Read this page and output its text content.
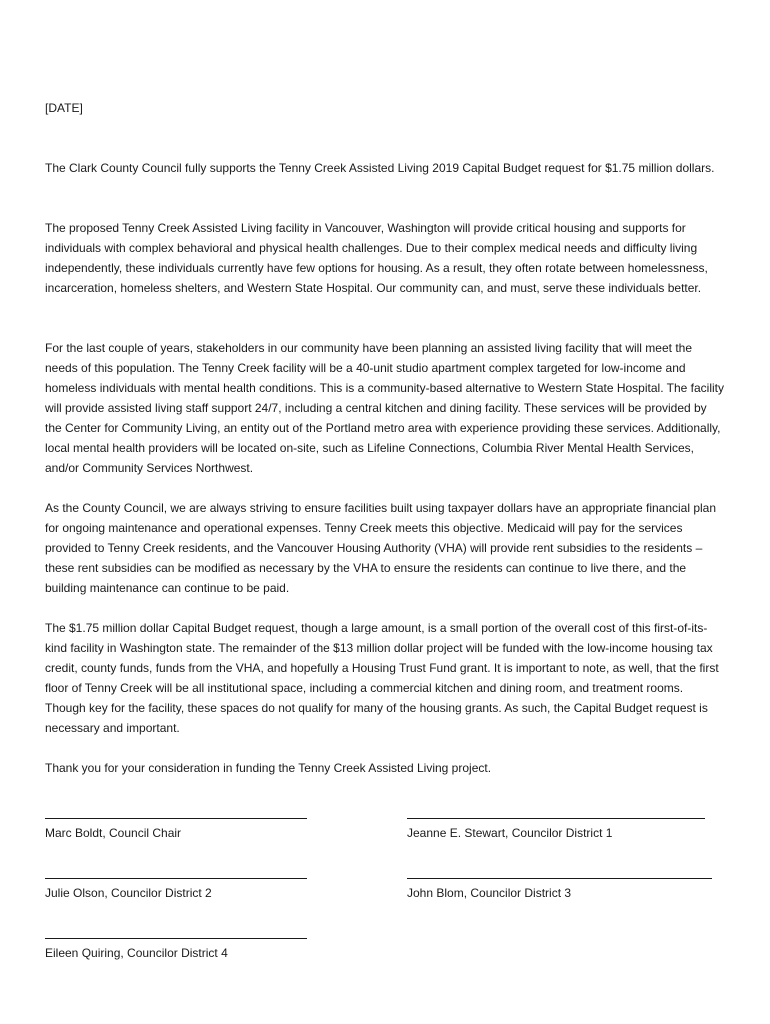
[DATE]

The Clark County Council fully supports the Tenny Creek Assisted Living 2019 Capital Budget request for $1.75 million dollars.

The proposed Tenny Creek Assisted Living facility in Vancouver, Washington will provide critical housing and supports for individuals with complex behavioral and physical health challenges. Due to their complex medical needs and difficulty living independently, these individuals currently have few options for housing. As a result, they often rotate between homelessness, incarceration, homeless shelters, and Western State Hospital. Our community can, and must, serve these individuals better.

For the last couple of years, stakeholders in our community have been planning an assisted living facility that will meet the needs of this population. The Tenny Creek facility will be a 40-unit studio apartment complex targeted for low-income and homeless individuals with mental health conditions. This is a community-based alternative to Western State Hospital. The facility will provide assisted living staff support 24/7, including a central kitchen and dining facility. These services will be provided by the Center for Community Living, an entity out of the Portland metro area with experience providing these services. Additionally, local mental health providers will be located on-site, such as Lifeline Connections, Columbia River Mental Health Services, and/or Community Services Northwest.

As the County Council, we are always striving to ensure facilities built using taxpayer dollars have an appropriate financial plan for ongoing maintenance and operational expenses. Tenny Creek meets this objective. Medicaid will pay for the services provided to Tenny Creek residents, and the Vancouver Housing Authority (VHA) will provide rent subsidies to the residents – these rent subsidies can be modified as necessary by the VHA to ensure the residents can continue to live there, and the building maintenance can continue to be paid.

The $1.75 million dollar Capital Budget request, though a large amount, is a small portion of the overall cost of this first-of-its-kind facility in Washington state. The remainder of the $13 million dollar project will be funded with the low-income housing tax credit, county funds, funds from the VHA, and hopefully a Housing Trust Fund grant. It is important to note, as well, that the first floor of Tenny Creek will be all institutional space, including a commercial kitchen and dining room, and treatment rooms. Though key for the facility, these spaces do not qualify for many of the housing grants. As such, the Capital Budget request is necessary and important.

Thank you for your consideration in funding the Tenny Creek Assisted Living project.

Marc Boldt, Council Chair	Jeanne E. Stewart, Councilor District 1
Julie Olson, Councilor District 2	John Blom, Councilor District 3
Eileen Quiring, Councilor District 4
